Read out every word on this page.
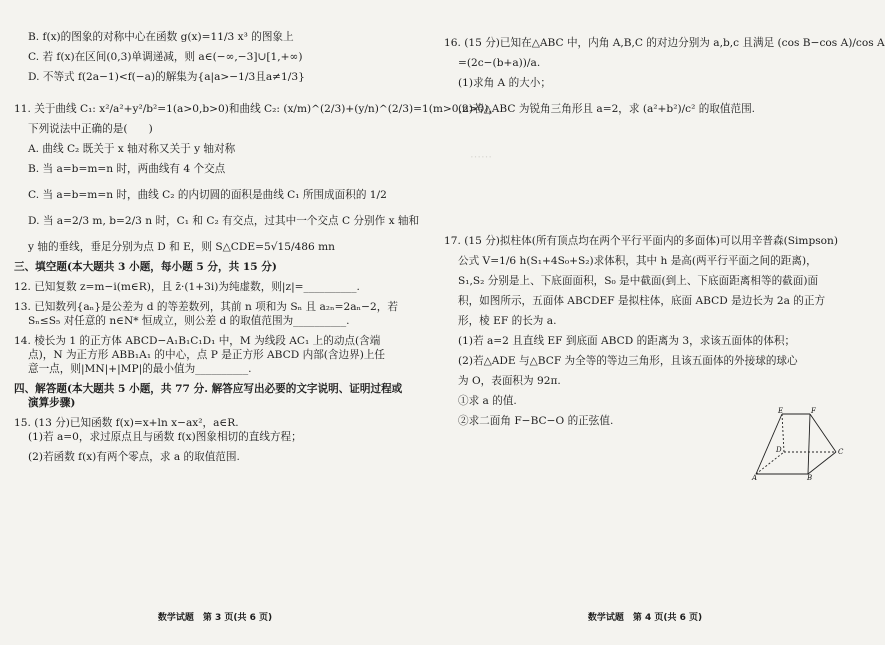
B. f(x)的图象的对称中心在函数 g(x)=11/3 x³ 的图象上
C. 若 f(x)在区间(0,3)单调递减，则 a∈(−∞,−3]∪[1,+∞)
D. 不等式 f(2a−1)<f(−a)的解集为{a|a>−1/3且a≠1/3}
11. 关于曲线 C₁: x²/a²+y²/b²=1(a>0,b>0)和曲线 C₂: (x/m)^(2/3)+(y/n)^(2/3)=1(m>0,n>0)，
下列说法中正确的是(　　)
A. 曲线 C₂ 既关于 x 轴对称又关于 y 轴对称
B. 当 a=b=m=n 时，两曲线有 4 个交点
C. 当 a=b=m=n 时，曲线 C₂ 的内切圆的面积是曲线 C₁ 所围成面积的 1/2
D. 当 a=2/3 m, b=2/3 n 时，C₁ 和 C₂ 有交点，过其中一个交点 C 分别作 x 轴和
y 轴的垂线，垂足分别为点 D 和 E，则 S△CDE=5√15/486 mn
三、填空题(本大题共 3 小题，每小题 5 分，共 15 分)
12. 已知复数 z=m−i(m∈R)，且 z̄·(1+3i)为纯虚数，则|z|=__________.
13. 已知数列{aₙ}是公差为 d 的等差数列，其前 n 项和为 Sₙ 且 a₂ₙ=2aₙ−2，若
Sₙ≤S₅ 对任意的 n∈N* 恒成立，则公差 d 的取值范围为__________.
14. 棱长为 1 的正方体 ABCD−A₁B₁C₁D₁ 中，M 为线段 AC₁ 上的动点(含端
点)，N 为正方形 ABB₁A₁ 的中心，点 P 是正方形 ABCD 内部(含边界)上任
意一点，则|MN|+|MP|的最小值为__________.
四、解答题(本大题共 5 小题，共 77 分. 解答应写出必要的文字说明、证明过程或
演算步骤)
15. (13 分)已知函数 f(x)=x+ln x−ax²，a∈R.
(1)若 a=0，求过原点且与函数 f(x)图象相切的直线方程；
(2)若函数 f(x)有两个零点，求 a 的取值范围.
数学试题　第 3 页(共 6 页)
16. (15 分)已知在△ABC 中，内角 A,B,C 的对边分别为 a,b,c 且满足 (cos B−cos A)/cos A
=(2c−(b+a))/a.
(1)求角 A 的大小；
(2)若△ABC 为锐角三角形且 a=2，求 (a²+b²)/c² 的取值范围.
⋯⋯
17. (15 分)拟柱体(所有顶点均在两个平行平面内的多面体)可以用辛普森(Simpson)
公式 V=1/6 h(S₁+4S₀+S₂)求体积，其中 h 是高(两平行平面之间的距离)，
S₁,S₂ 分别是上、下底面面积，S₀ 是中截面(到上、下底面距离相等的截面)面
积，如图所示，五面体 ABCDEF 是拟柱体，底面 ABCD 是边长为 2a 的正方
形，棱 EF 的长为 a.
(1)若 a=2 且直线 EF 到底面 ABCD 的距离为 3，求该五面体的体积；
(2)若△ADE 与△BCF 为全等的等边三角形，且该五面体的外接球的球心
为 O，表面积为 92π.
①求 a 的值.
②求二面角 F−BC−O 的正弦值.
E	F
D	C
A	B
数学试题　第 4 页(共 6 页)
